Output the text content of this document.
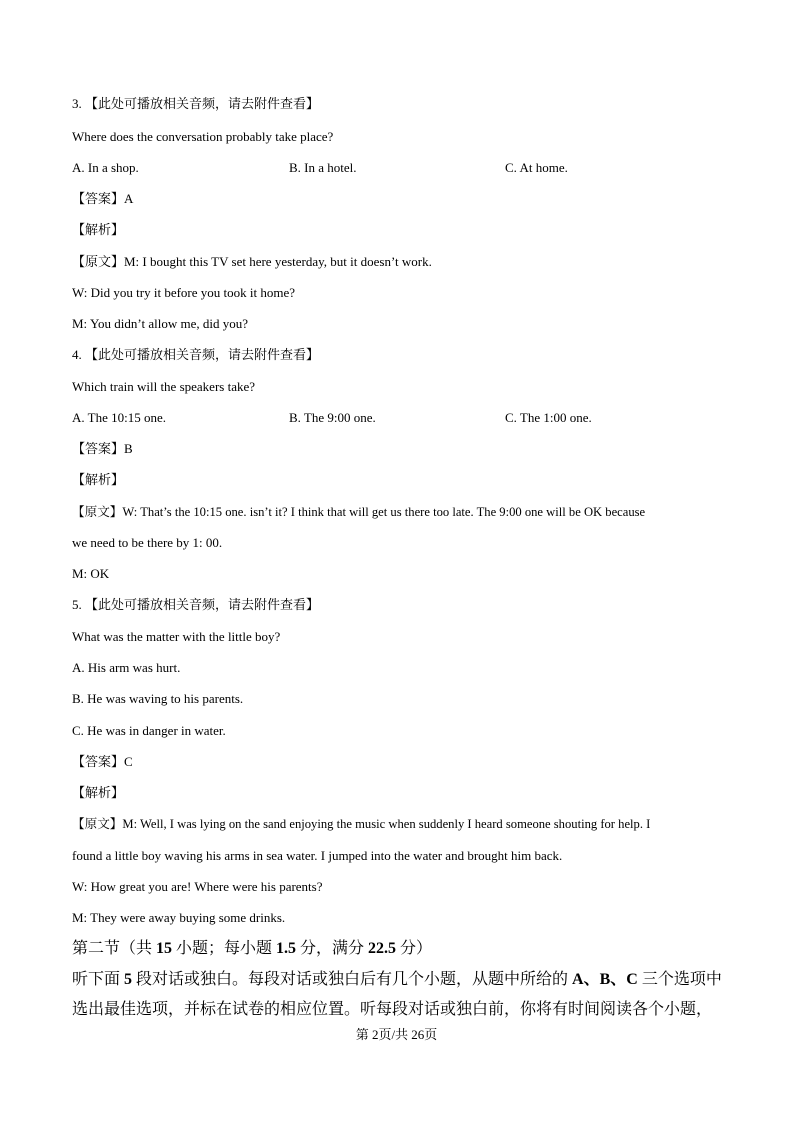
3. 【此处可播放相关音频，请去附件查看】
Where does the conversation probably take place?
A. In a shop.	B. In a hotel.	C. At home.
【答案】A
【解析】
【原文】M: I bought this TV set here yesterday, but it doesn’t work.
W: Did you try it before you took it home?
M: You didn’t allow me, did you?
4. 【此处可播放相关音频，请去附件查看】
Which train will the speakers take?
A. The 10:15 one.	B. The 9:00 one.	C. The 1:00 one.
【答案】B
【解析】
【原文】W: That’s the 10:15 one. isn’t it? I think that will get us there too late. The 9:00 one will be OK because
we need to be there by 1: 00.
M: OK
5. 【此处可播放相关音频，请去附件查看】
What was the matter with the little boy?
A. His arm was hurt.
B. He was waving to his parents.
C. He was in danger in water.
【答案】C
【解析】
【原文】M: Well, I was lying on the sand enjoying the music when suddenly I heard someone shouting for help. I
found a little boy waving his arms in sea water. I jumped into the water and brought him back.
W: How great you are! Where were his parents?
M: They were away buying some drinks.
第二节（共 15 小题；每小题 1.5 分，满分 22.5 分）
听下面 5 段对话或独白。每段对话或独白后有几个小题，从题中所给的 A、B、C 三个选项中
选出最佳选项，并标在试卷的相应位置。听每段对话或独白前，你将有时间阅读各个小题，
第 2页/共 26页
